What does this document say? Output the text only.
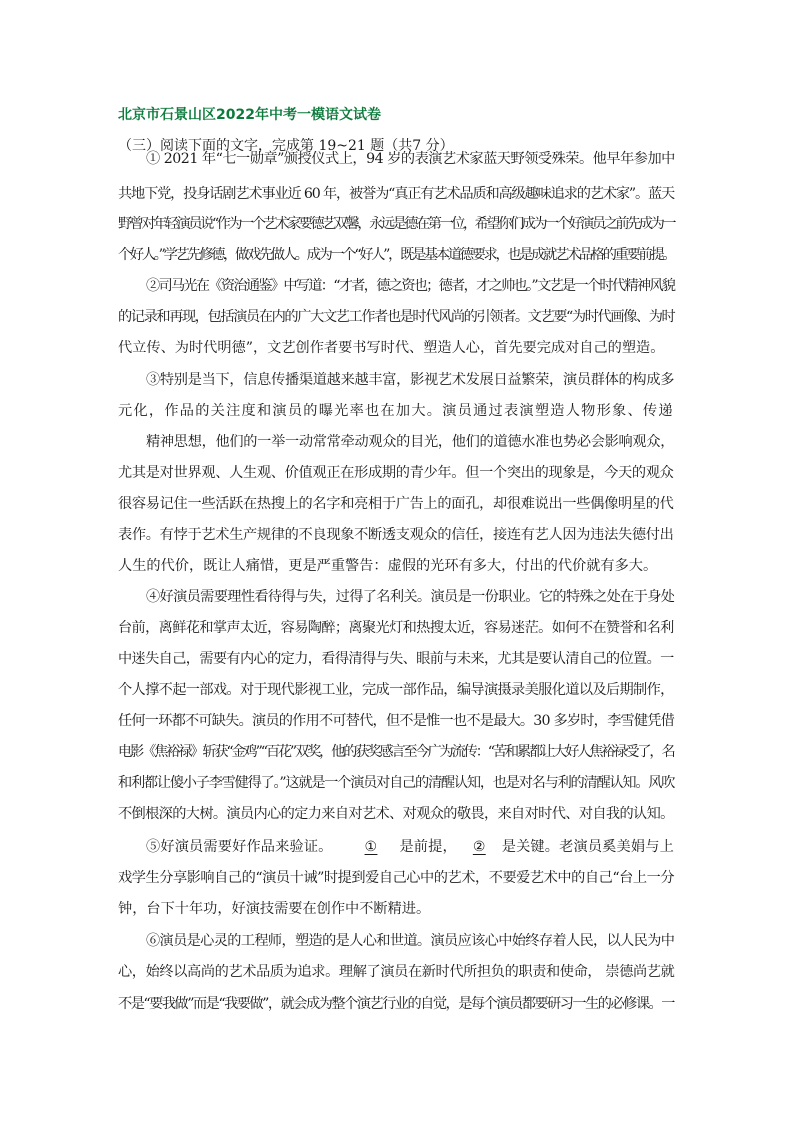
北京市石景山区2022年中考一模语文试卷
（三）阅读下面的文字，完成第 19~21 题（共7 分）
① 2021 年“七一勋章”颁授仪式上，94 岁的表演艺术家蓝天野领受殊荣。他早年参加中
共地下党，投身话剧艺术事业近 60 年，被誉为“真正有艺术品质和高级趣味追求的艺术家”。蓝天
野曾对年轻演员说“作为一个艺术家要德艺双馨，永远是德在第一位，希望你们成为一个好演员之前先成为一
个好人。”学艺先修德，做戏先做人。成为一个“好人”，既是基本道德要求，也是成就艺术品格的重要前提。
②司马光在《资治通鉴》中写道：“才者，德之资也；德者，才之帅也。”文艺是一个时代精神风貌
的记录和再现，包括演员在内的广大文艺工作者也是时代风尚的引领者。文艺要“为时代画像、为时
代立传、为时代明德”，文艺创作者要书写时代、塑造人心，首先要完成对自己的塑造。
③特别是当下，信息传播渠道越来越丰富，影视艺术发展日益繁荣，演员群体的构成多
元化，作品的关注度和演员的曝光率也在加大。演员通过表演塑造人物形象、传递
精神思想，他们的一举一动常常牵动观众的目光，他们的道德水准也势必会影响观众，
尤其是对世界观、人生观、价值观正在形成期的青少年。但一个突出的现象是，今天的观众
很容易记住一些活跃在热搜上的名字和亮相于广告上的面孔，却很难说出一些偶像明星的代
表作。有悖于艺术生产规律的不良现象不断透支观众的信任，接连有艺人因为违法失德付出
人生的代价，既让人痛惜，更是严重警告：虚假的光环有多大，付出的代价就有多大。
④好演员需要理性看待得与失，过得了名利关。演员是一份职业。它的特殊之处在于身处
台前，离鲜花和掌声太近，容易陶醉；离聚光灯和热搜太近，容易迷茫。如何不在赞誉和名利
中迷失自己，需要有内心的定力，看得清得与失、眼前与未来，尤其是要认清自己的位置。一
个人撑不起一部戏。对于现代影视工业，完成一部作品，编导演摄录美服化道以及后期制作，
任何一环都不可缺失。演员的作用不可替代，但不是惟一也不是最大。30 多岁时，李雪健凭借
电影《焦裕禄》斩获“金鸡”“百花”双奖，他的获奖感言至今广为流传：“苦和累都让大好人焦裕禄受了，名
和利都让傻小子李雪健得了。”这就是一个演员对自己的清醒认知，也是对名与利的清醒认知。风吹
不倒根深的大树。演员内心的定力来自对艺术、对观众的敬畏，来自对时代、对自我的认知。
⑤好演员需要好作品来验证。 ① 是前提， ② 是关键。老演员奚美娟与上
戏学生分享影响自己的“演员十诫”时提到爱自己心中的艺术，不要爱艺术中的自己“台上一分
钟，台下十年功，好演技需要在创作中不断精进。
⑥演员是心灵的工程师，塑造的是人心和世道。演员应该心中始终存着人民，以人民为中
心，始终以高尚的艺术品质为追求。理解了演员在新时代所担负的职责和使命， 崇德尚艺就
不是“要我做”而是“我要做”，就会成为整个演艺行业的自觉，是每个演员都要研习一生的必修课。一
